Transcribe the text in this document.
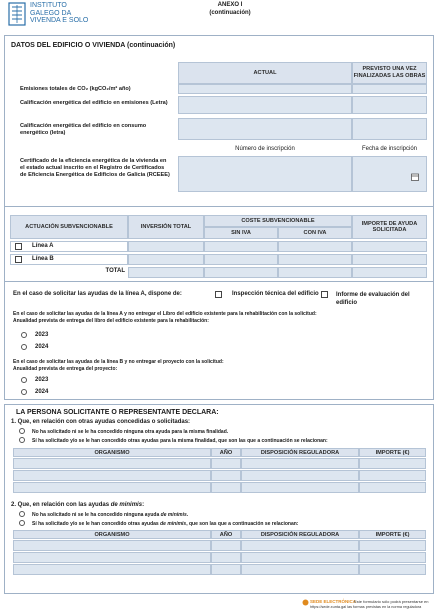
INSTITUTO
GALEGO DA
VIVENDA E SOLO
ANEXO I
(continuación)
DATOS DEL EDIFICIO O VIVIENDA (continuación)
ACTUAL
PREVISTO UNA VEZ FINALIZADAS LAS OBRAS
Emisiones totales de CO₂ (kgCO₂/m² año)
Calificación energética del edificio en emisiones (Letra)
Calificación energética del edificio en consumo energético (letra)
Número de inscripción	Fecha de inscripción
Certificado de la eficiencia energética de la vivienda en el estado actual inscrito en el Registro de Certificados de Eficiencia Energética de Edificios de Galicia (RCEEE)
ACTUACIÓN SUBVENCIONABLE	INVERSIÓN TOTAL
COSTE SUBVENCIONABLE
SIN IVA	CON IVA
IMPORTE DE AYUDA SOLICITADA
Línea A
Línea B
TOTAL
En el caso de solicitar las ayudas de la línea A, dispone de:	Inspección técnica del edificio	Informe de evaluación del edificio
En el caso de solicitar las ayudas de la línea A y no entregar el Libro del edificio existente para la rehabilitación con la solicitud:
Anualidad prevista de entrega del libro del edificio existente para la rehabilitación:
2023
2024
En el caso de solicitar las ayudas de la línea B y no entregar el proyecto con la solicitud:
Anualidad prevista de entrega del proyecto:
2023
2024
LA PERSONA SOLICITANTE O REPRESENTANTE DECLARA:
1. Que, en relación con otras ayudas concedidas o solicitadas:
No ha solicitado ni se le ha concedido ninguna otra ayuda para la misma finalidad.
Sí ha solicitado y/o se le han concedido otras ayudas para la misma finalidad, que son las que a continuación se relacionan:
ORGANISMO	AÑO	DISPOSICIÓN REGULADORA	IMPORTE (€)
2. Que, en relación con las ayudas de minimis:
No ha solicitado ni se le ha concedido ninguna ayuda de minimis.
Sí ha solicitado y/o se le han concedido otras ayudas de minimis, que son las que a continuación se relacionan:
ORGANISMO	AÑO	DISPOSICIÓN REGULADORA	IMPORTE (€)
SEDE ELECTRÓNICA
Este formulario sólo podrá presentarse en
https://sede.xunta.gal las formas previstas en la norma reguladora
